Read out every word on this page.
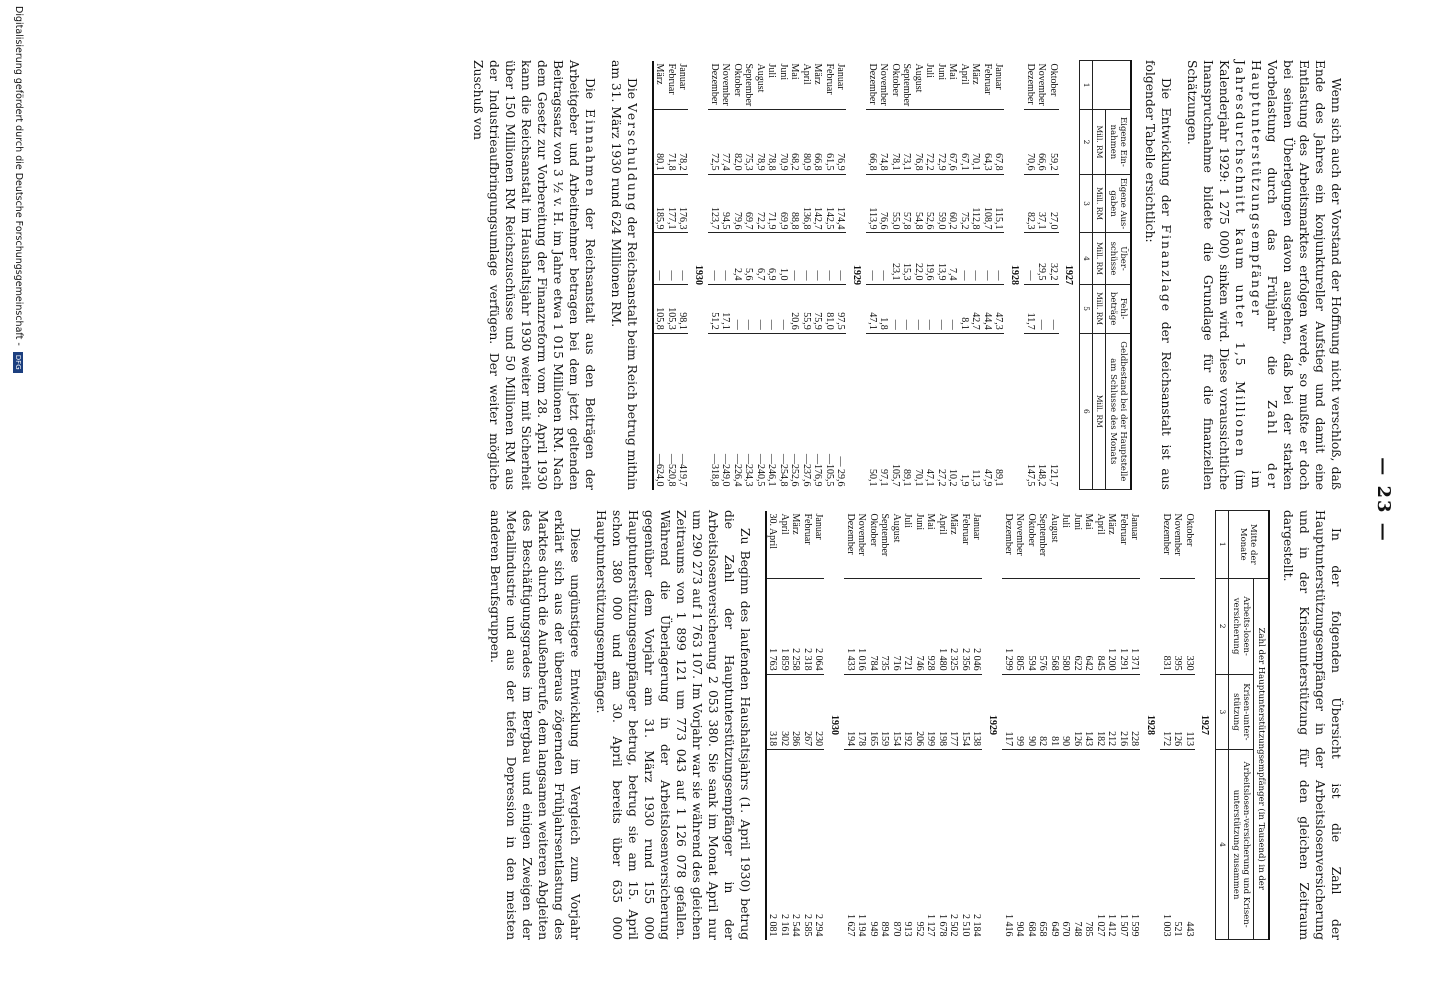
— 23 —

Wenn sich auch der Vorstand der Hoffnung nicht verschloß, daß Ende des Jahres ein konjunktureller Aufstieg und damit eine Entlastung des Arbeitsmarktes erfolgen werde, so mußte er doch bei seinen Überlegungen davon ausgehen, daß bei der starken Vorbelastung durch das Frühjahr die Zahl der Hauptunterstützungsempfänger im Jahresdurchschnitt kaum unter 1,5 Millionen (im Kalenderjahr 1929: 1 275 000) sinken wird. Diese voraussichtliche Inanspruchnahme bildete die Grundlage für die finanziellen Schätzungen.

Die Entwicklung der Finanzlage der Reichsanstalt ist aus folgender Tabelle ersichtlich:

	Eigene Ein-nahmen	Eigene Aus-gaben	Über-schüsse	Fehl-beträge	Geldbestand bei der Hauptstelle am Schlusse des Monats
	Mill. RM	Mill. RM	Mill. RM	Mill. RM	Mill. RM
1	2	3	4	5	6
1927					
Oktober	59,2	27,0	32,2	—	121,7
November	66,6	37,1	29,5	—	148,2
Dezember	70,6	82,3	—	11,7	147,5
1928					
Januar	67,8	115,1	—	47,3	89,1
Februar	64,3	108,7	—	44,4	47,9
März	70,1	112,8	—	42,7	11,3
April	67,1	75,2	—	8,1	1,9
Mai	67,6	60,2	7,4	—	10,2
Juni	72,9	59,0	13,9	—	27,2
Juli	72,2	52,6	19,6	—	47,1
August	76,8	54,8	22,0	—	70,1
September	73,1	57,8	15,3	—	89,1
Oktober	78,1	55,0	23,1	—	105,7
November	74,8	76,6	—	1,8	97,1
Dezember	66,8	113,9	—	47,1	50,1
1929					
Januar	76,9	174,4	—	97,5	— 29,6
Februar	61,5	142,5	—	81,0	—105,5
März	66,8	142,7	—	75,9	—176,9
April	80,9	136,8	—	55,9	—237,6
Mai	68,2	88,8	—	20,6	—252,6
Juni	70,9	69,9	1,0	—	—254,8
Juli	78,8	71,9	6,9	—	—246,1
August	78,9	72,2	6,7	—	—240,5
September	75,3	69,7	5,6	—	—234,3
Oktober	82,0	79,6	2,4	—	—226,4
November	77,4	94,5	—	17,1	—249,0
Dezember	72,5	123,7	—	51,2	—318,8
1930					
Januar	78,2	176,3	—	98,1	—419,7
Februar	71,8	177,1	—	105,3	—520,8
März	80,1	185,9	—	105,8	—624,0

Die Verschuldung der Reichsanstalt beim Reich betrug mithin am 31. März 1930 rund 624 Millionen RM.

Die Einnahmen der Reichsanstalt aus den Beiträgen der Arbeitgeber und Arbeitnehmer betragen bei dem jetzt geltenden Beitragssatz von 3 ½ v. H. im Jahre etwa 1 015 Millionen RM. Nach dem Gesetz zur Vorbereitung der Finanzreform vom 28. April 1930 kann die Reichsanstalt im Haushaltsjahr 1930 weiter mit Sicherheit über 150 Millionen RM Reichszuschüsse und 50 Millionen RM aus der Industrieaufbringungsumlage verfügen. Der weiter mögliche Zuschuß von

In der folgenden Übersicht ist die Zahl der Hauptunterstützungsempfänger in der Arbeitslosenversicherung und in der Krisenunterstützung für den gleichen Zeitraum dargestellt.

Mitte der Monate	Zahl der Hauptunterstützungsempfänger (in Tausend) in der		
	Arbeits-losen-versicherung	Krisen-unter-stützung	Arbeitslosen-versicherung und Krisen-unterstützung zusammen
1	2	3	4
1927			
Oktober	330	113	443
November	395	126	521
Dezember	831	172	1 003
1928			
Januar	1 371	228	1 599
Februar	1 291	216	1 507
März	1 200	212	1 412
April	845	182	1 027
Mai	642	143	785
Juni	622	126	748
Juli	580	90	670
August	568	81	649
September	576	82	658
Oktober	594	90	684
November	805	99	904
Dezember	1 299	117	1 416
1929			
Januar	2 046	138	2 184
Februar	2 356	154	2 510
März	2 325	177	2 502
April	1 480	198	1 678
Mai	928	199	1 127
Juni	746	206	952
Juli	721	192	913
August	716	154	870
September	735	159	894
Oktober	784	165	949
November	1 016	178	1 194
Dezember	1 433	194	1 627
1930			
Januar	2 064	230	2 294
Februar	2 318	267	2 585
März	2 258	286	2 544
April	1 859	302	2 161
30. April	1 763	318	2 081

Zu Beginn des laufenden Haushaltsjahrs (1. April 1930) betrug die Zahl der Hauptunterstützungsempfänger in der Arbeitslosenversicherung 2 053 380. Sie sank im Monat April nur um 290 273 auf 1 763 107. Im Vorjahr war sie während des gleichen Zeitraums von 1 899 121 um 773 043 auf 1 126 078 gefallen. Während die Überlagerung in der Arbeitslosenversicherung gegenüber dem Vorjahr am 31. März 1930 rund 155 000 Hauptunterstützungsempfänger betrug, betrug sie am 15. April schon 380 000 und am 30. April bereits über 635 000 Hauptunterstützungsempfänger.

Diese ungünstigere Entwicklung im Vergleich zum Vorjahr erklärt sich aus der überaus zögernden Frühjahrsentlastung des Marktes durch die Außenberufe, dem langsamen weiteren Abgleiten des Beschäftigungsgrades im Bergbau und einigen Zweigen der Metallindustrie und aus der tiefen Depression in den meisten anderen Berufsgruppen.

Digitalisierung gefördert durch die Deutsche Forschungsgemeinschaft - DFG
